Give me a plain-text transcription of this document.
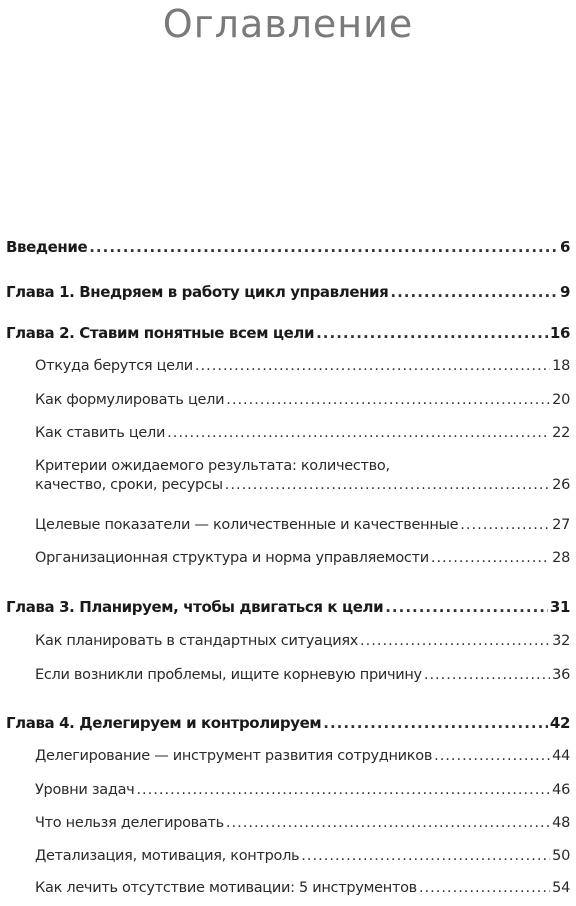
Оглавление
Введение .....	6
Глава 1. Внедряем в работу цикл управления .....	9
Глава 2. Ставим понятные всем цели .....	16
Откуда берутся цели .....	18
Как формулировать цели .....	20
Как ставить цели .....	22
Критерии ожидаемого результата: количество,
качество, сроки, ресурсы .....	26
Целевые показатели — количественные и качественные .....	27
Организационная структура и норма управляемости .....	28
Глава 3. Планируем, чтобы двигаться к цели .....	31
Как планировать в стандартных ситуациях .....	32
Если возникли проблемы, ищите корневую причину .....	36
Глава 4. Делегируем и контролируем .....	42
Делегирование — инструмент развития сотрудников .....	44
Уровни задач .....	46
Что нельзя делегировать .....	48
Детализация, мотивация, контроль .....	50
Как лечить отсутствие мотивации: 5 инструментов .....	54
